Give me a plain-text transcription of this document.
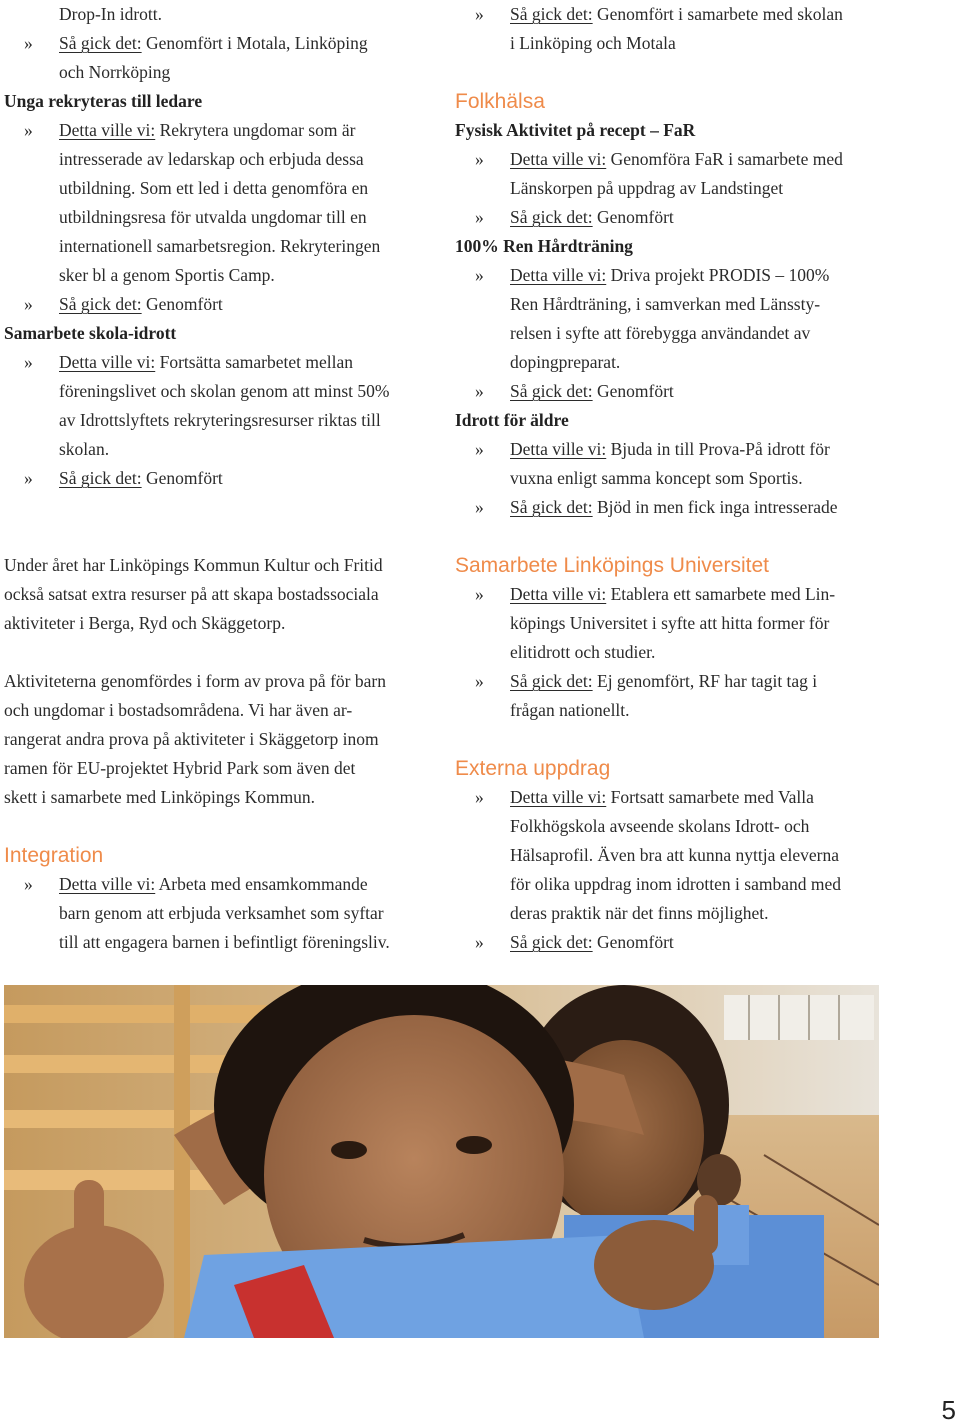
Drop-In idrott.
» Så gick det: Genomfört i Motala, Linköping
och Norrköping
Unga rekryteras till ledare
» Detta ville vi: Rekrytera ungdomar som är
intresserade av ledarskap och erbjuda dessa
utbildning. Som ett led i detta genomföra en
utbildningsresa för utvalda ungdomar till en
internationell samarbetsregion. Rekryteringen
sker bl a genom Sportis Camp.
» Så gick det: Genomfört
Samarbete skola-idrott
» Detta ville vi: Fortsätta samarbetet mellan
föreningslivet och skolan genom att minst 50%
av Idrottslyftets rekryteringsresurser riktas till
skolan.
» Så gick det: Genomfört
Under året har Linköpings Kommun Kultur och Fritid
också satsat extra resurser på att skapa bostadssociala
aktiviteter i Berga, Ryd och Skäggetorp.
Aktiviteterna genomfördes i form av prova på för barn
och ungdomar i bostadsområdena. Vi har även ar-
rangerat andra prova på aktiviteter i Skäggetorp inom
ramen för EU-projektet Hybrid Park som även det
skett i samarbete med Linköpings Kommun.
Integration
» Detta ville vi: Arbeta med ensamkommande
barn genom att erbjuda verksamhet som syftar
till att engagera barnen i befintligt föreningsliv.
» Så gick det: Genomfört i samarbete med skolan
i Linköping och Motala
Folkhälsa
Fysisk Aktivitet på recept – FaR
» Detta ville vi: Genomföra FaR i samarbete med
Länskorpen på uppdrag av Landstinget
» Så gick det: Genomfört
100% Ren Hårdträning
» Detta ville vi: Driva projekt PRODIS – 100%
Ren Hårdträning, i samverkan med Länssty-
relsen i syfte att förebygga användandet av
dopingpreparat.
» Så gick det: Genomfört
Idrott för äldre
» Detta ville vi: Bjuda in till Prova-På idrott för
vuxna enligt samma koncept som Sportis.
» Så gick det: Bjöd in men fick inga intresserade
Samarbete Linköpings Universitet
» Detta ville vi: Etablera ett samarbete med Lin-
köpings Universitet i syfte att hitta former för
elitidrott och studier.
» Så gick det: Ej genomfört, RF har tagit tag i
frågan nationellt.
Externa uppdrag
» Detta ville vi: Fortsatt samarbete med Valla
Folkhögskola avseende skolans Idrott- och
Hälsaprofil. Även bra att kunna nyttja eleverna
för olika uppdrag inom idrotten i samband med
deras praktik när det finns möjlighet.
» Så gick det: Genomfört
5
